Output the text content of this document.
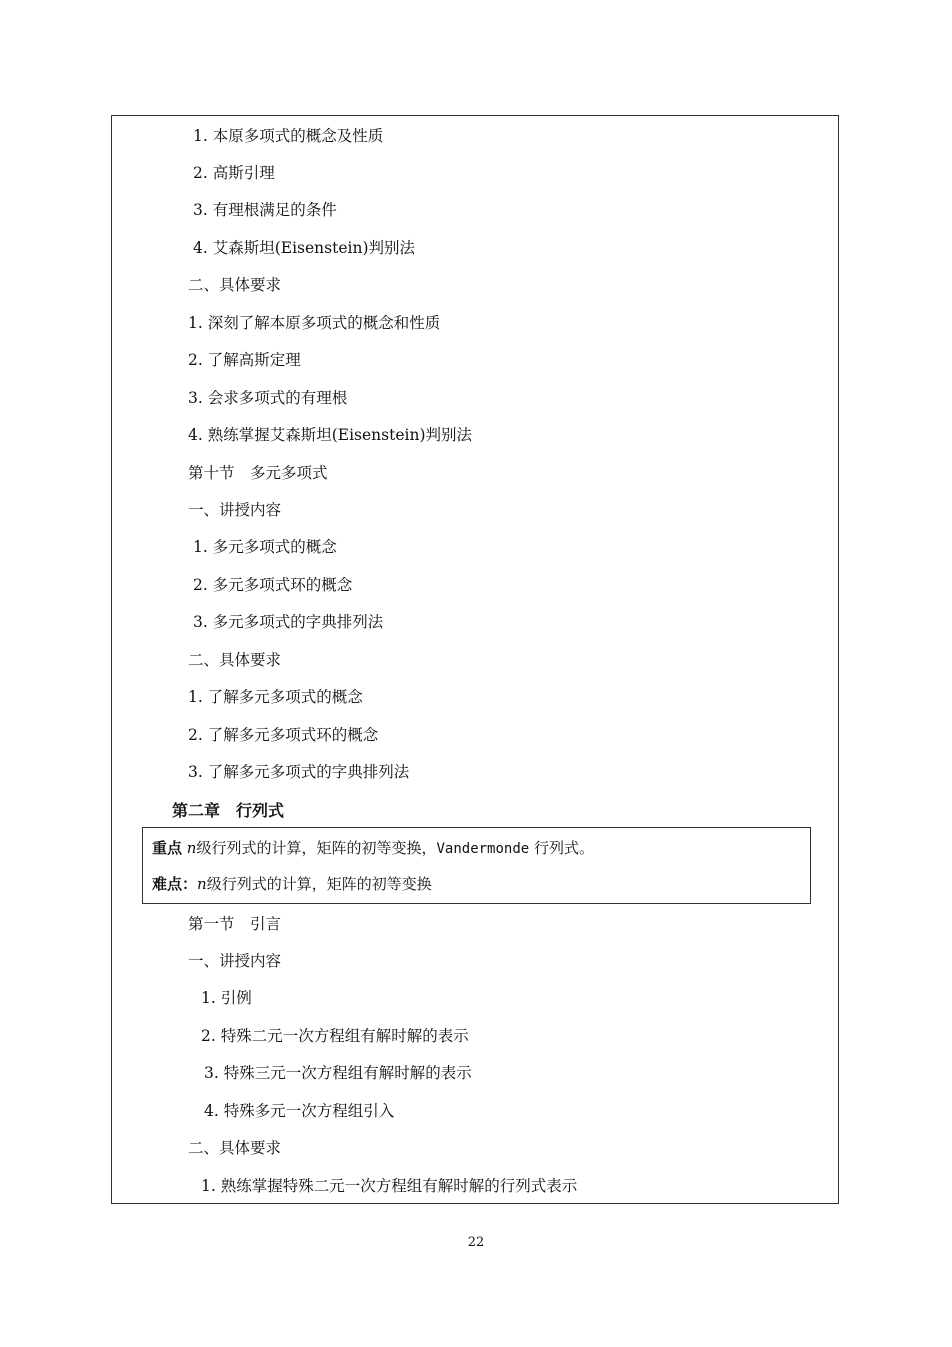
1. 本原多项式的概念及性质
2. 高斯引理
3. 有理根满足的条件
4. 艾森斯坦(Eisenstein)判别法
二、具体要求
1. 深刻了解本原多项式的概念和性质
2. 了解高斯定理
3. 会求多项式的有理根
4. 熟练掌握艾森斯坦(Eisenstein)判别法
第十节　多元多项式
一、讲授内容
1. 多元多项式的概念
2. 多元多项式环的概念
3. 多元多项式的字典排列法
二、具体要求
1. 了解多元多项式的概念
2. 了解多元多项式环的概念
3. 了解多元多项式的字典排列法
第二章 行列式
第一节　引言
一、讲授内容
1. 引例
2. 特殊二元一次方程组有解时解的表示
3. 特殊三元一次方程组有解时解的表示
4. 特殊多元一次方程组引入
二、具体要求
1. 熟练掌握特殊二元一次方程组有解时解的行列式表示
重点 n级行列式的计算，矩阵的初等变换，Vandermonde 行列式。
难点：n级行列式的计算，矩阵的初等变换
22
